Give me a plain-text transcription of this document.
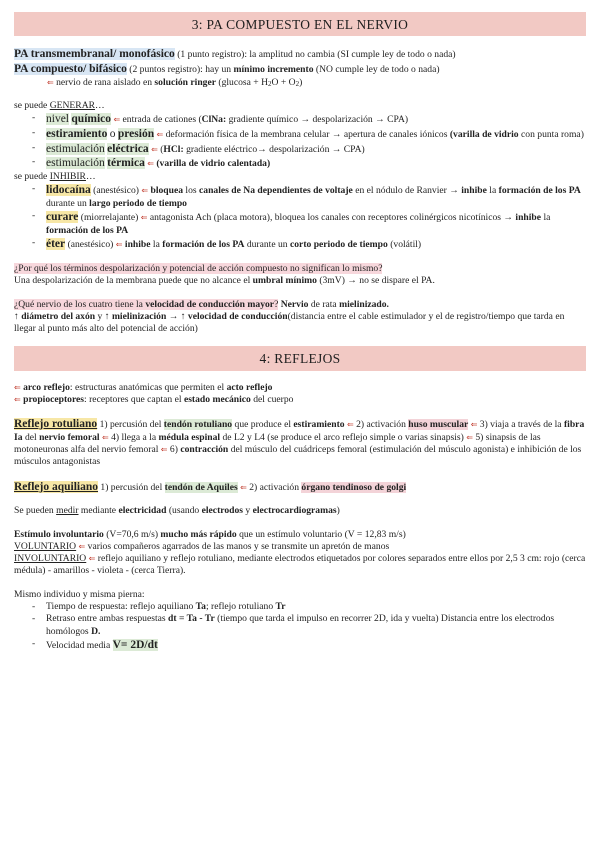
3: PA COMPUESTO EN EL NERVIO

PA transmembranal/ monofásico (1 punto registro): la amplitud no cambia (SI cumple ley de todo o nada)

PA compuesto/ bifásico (2 puntos registro): hay un mínimo incremento (NO cumple ley de todo o nada)

⇐ nervio de rana aislado en solución ringer $(glucosa + H_2O + O_2)$

se puede GENERAR…

- nivel químico ⇐ entrada de cationes (ClNa: gradiente químico → despolarización → CPA)
- estiramiento o presión ⇐ deformación física de la membrana celular → apertura de canales iónicos (varilla de vidrio con punta roma)
- estimulación eléctrica ⇐ (HCl: gradiente eléctrico→ despolarización → CPA)
- estimulación térmica ⇐ (varilla de vidrio calentada)

se puede INHIBIR…

- lidocaína (anestésico) ⇐ bloquea los canales de Na dependientes de voltaje en el nódulo de Ranvier → inhibe la formación de los PA durante un largo periodo de tiempo
- curare (miorrelajante) ⇐ antagonista Ach (placa motora), bloquea los canales con receptores colinérgicos nicotínicos → inhibe la formación de los PA
- éter (anestésico) ⇐ inhibe la formación de los PA durante un corto periodo de tiempo (volátil)

¿Por qué los términos despolarización y potencial de acción compuesto no significan lo mismo?

Una despolarización de la membrana puede que no alcance el umbral mínimo (3mV) → no se dispare el PA.

¿Qué nervio de los cuatro tiene la velocidad de conducción mayor? Nervio de rata mielinizado.

↑ diámetro del axón y ↑ mielinización → ↑ velocidad de conducción(distancia entre el cable estimulador y el de registro/tiempo que tarda en llegar al punto más alto del potencial de acción)

4: REFLEJOS

⇐ arco reflejo: estructuras anatómicas que permiten el acto reflejo

⇐ propioceptores: receptores que captan el estado mecánico del cuerpo

Reflejo rotuliano 1) percusión del tendón rotuliano que produce el estiramiento ⇐ 2) activación huso muscular ⇐ 3) viaja a través de la fibra Ia del nervio femoral ⇐ 4) llega a la médula espinal de L2 y L4 (se produce el arco reflejo simple o varias sinapsis) ⇐ 5) sinapsis de las motoneuronas alfa del nervio femoral ⇐ 6) contracción del músculo del cuádriceps femoral (estimulación del músculo agonista) e inhibición de los músculos antagonistas

Reflejo aquiliano 1) percusión del tendón de Aquiles ⇐ 2) activación órgano tendinoso de golgi

Se pueden medir mediante electricidad (usando electrodos y electrocardiogramas)

Estímulo involuntario (V=70,6 m/s) mucho más rápido que un estímulo voluntario (V = 12,83 m/s)

VOLUNTARIO ⇐ varios compañeros agarrados de las manos y se transmite un apretón de manos

INVOLUNTARIO ⇐ reflejo aquiliano y reflejo rotuliano, mediante electrodos etiquetados por colores separados entre ellos por 2,5 3 cm: rojo (cerca médula) - amarillos - violeta - (cerca Tierra).

Mismo individuo y misma pierna:

-	Tiempo de respuesta: reflejo aquiliano Ta; reflejo rotuliano Tr
-	Retraso entre ambas respuestas dt = Ta - Tr (tiempo que tarda el impulso en recorrer 2D, ida y vuelta) Distancia entre los electrodos homólogos D.
-	Velocidad media V= 2D/dt
